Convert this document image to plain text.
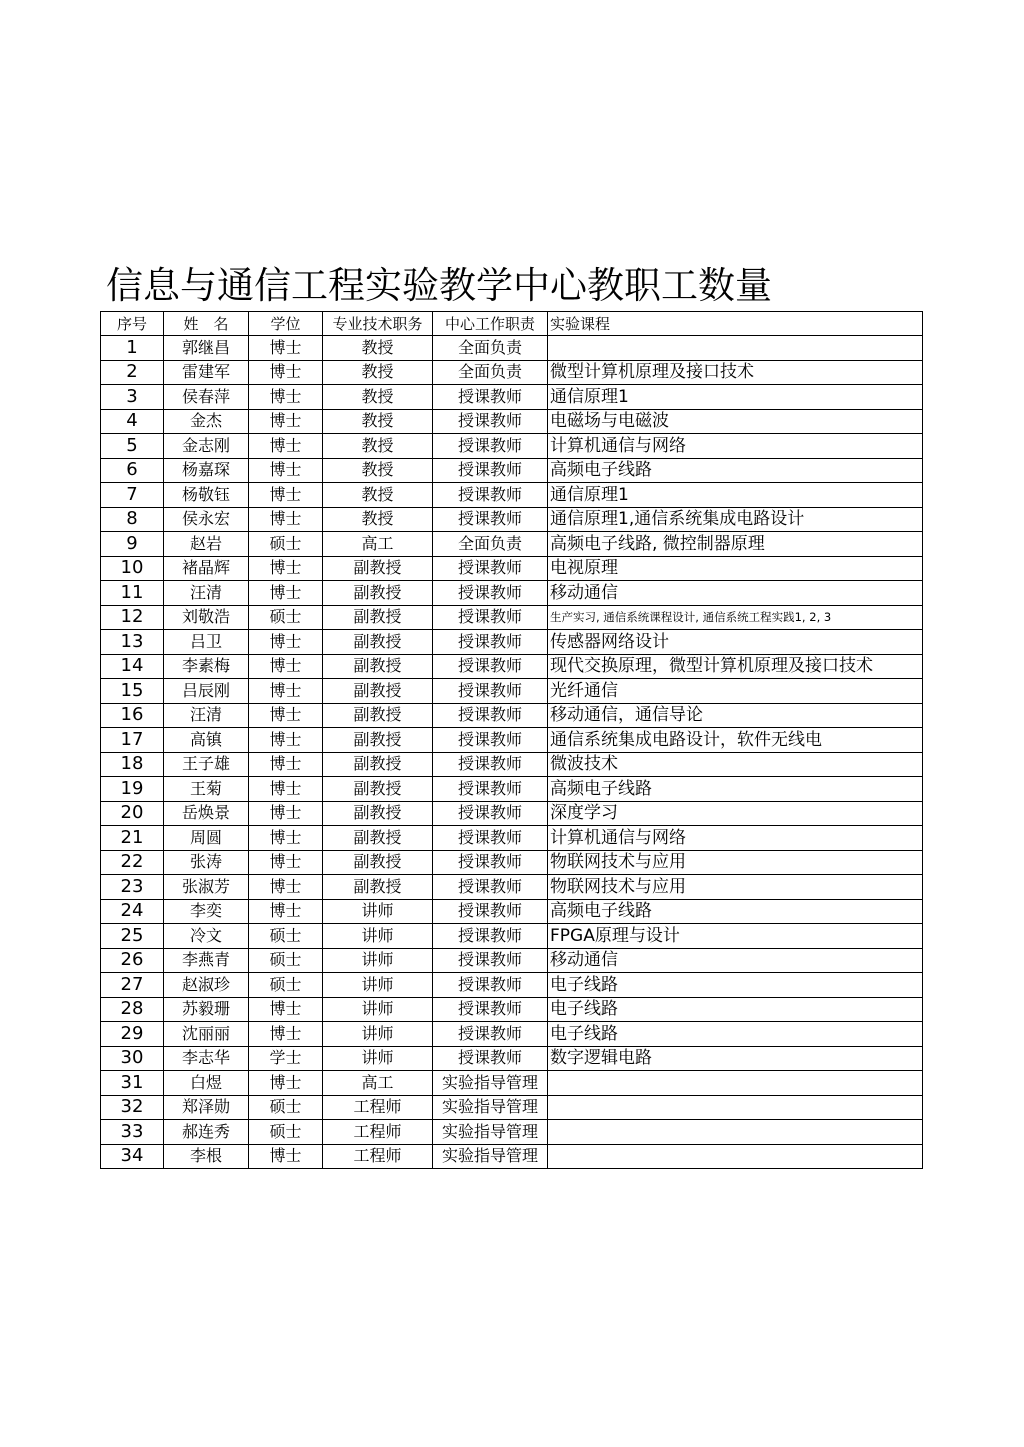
信息与通信工程实验教学中心教职工数量
序号	姓　名	学位	专业技术职务	中心工作职责	实验课程
1	郭继昌	博士	教授	全面负责	
2	雷建军	博士	教授	全面负责	微型计算机原理及接口技术
3	侯春萍	博士	教授	授课教师	通信原理1
4	金杰	博士	教授	授课教师	电磁场与电磁波
5	金志刚	博士	教授	授课教师	计算机通信与网络
6	杨嘉琛	博士	教授	授课教师	高频电子线路
7	杨敬钰	博士	教授	授课教师	通信原理1
8	侯永宏	博士	教授	授课教师	通信原理1,通信系统集成电路设计
9	赵岩	硕士	高工	全面负责	高频电子线路, 微控制器原理
10	褚晶辉	博士	副教授	授课教师	电视原理
11	汪清	博士	副教授	授课教师	移动通信
12	刘敬浩	硕士	副教授	授课教师	生产实习, 通信系统课程设计, 通信系统工程实践1, 2, 3
13	吕卫	博士	副教授	授课教师	传感器网络设计
14	李素梅	博士	副教授	授课教师	现代交换原理，微型计算机原理及接口技术
15	吕辰刚	博士	副教授	授课教师	光纤通信
16	汪清	博士	副教授	授课教师	移动通信，通信导论
17	高镇	博士	副教授	授课教师	通信系统集成电路设计，软件无线电
18	王子雄	博士	副教授	授课教师	微波技术
19	王菊	博士	副教授	授课教师	高频电子线路
20	岳焕景	博士	副教授	授课教师	深度学习
21	周圆	博士	副教授	授课教师	计算机通信与网络
22	张涛	博士	副教授	授课教师	物联网技术与应用
23	张淑芳	博士	副教授	授课教师	物联网技术与应用
24	李奕	博士	讲师	授课教师	高频电子线路
25	冷文	硕士	讲师	授课教师	FPGA原理与设计
26	李燕青	硕士	讲师	授课教师	移动通信
27	赵淑珍	硕士	讲师	授课教师	电子线路
28	苏毅珊	博士	讲师	授课教师	电子线路
29	沈丽丽	博士	讲师	授课教师	电子线路
30	李志华	学士	讲师	授课教师	数字逻辑电路
31	白煜	博士	高工	实验指导管理	
32	郑泽勋	硕士	工程师	实验指导管理	
33	郝连秀	硕士	工程师	实验指导管理	
34	李根	博士	工程师	实验指导管理	
